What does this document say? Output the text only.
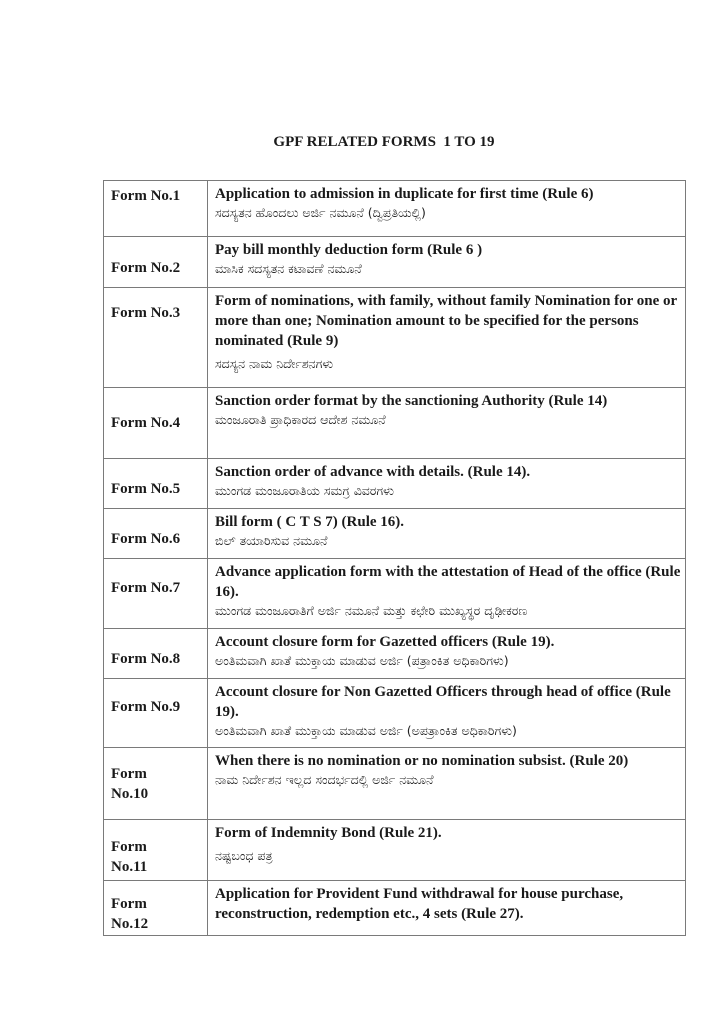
GPF RELATED FORMS  1 TO 19
Form No.1	Application to admission in duplicate for first time (Rule 6)
ಸದಸ್ಯತನ ಹೊಂದಲು ಅರ್ಜಿ ನಮೂನೆ (ದ್ವಿಪ್ರತಿಯಲ್ಲಿ)

Form No.2	Pay bill monthly deduction form (Rule 6 )
ಮಾಸಿಕ ಸದಸ್ಯತನ ಕಟಾವಣೆ ನಮೂನೆ

Form No.3	Form of nominations, with family, without family Nomination for one or more than one; Nomination amount to be specified for the persons nominated (Rule 9)
ಸದಸ್ಯನ ನಾಮ ನಿರ್ದೇಶನಗಳು

Form No.4	Sanction order format by the sanctioning Authority (Rule 14)
ಮಂಜೂರಾತಿ ಪ್ರಾಧಿಕಾರದ ಆದೇಶ ನಮೂನೆ

Form No.5	Sanction order of advance with details. (Rule 14).
ಮುಂಗಡ ಮಂಜೂರಾತಿಯ ಸಮಗ್ರ ವಿವರಗಳು

Form No.6	Bill form ( C T S 7) (Rule 16).
ಬಿಲ್ ತಯಾರಿಸುವ ನಮೂನೆ

Form No.7	Advance application form with the attestation of Head of the office (Rule 16).
ಮುಂಗಡ ಮಂಜೂರಾತಿಗೆ ಅರ್ಜಿ ನಮೂನೆ ಮತ್ತು ಕಛೇರಿ ಮುಖ್ಯಸ್ಥರ ದೃಢೀಕರಣ

Form No.8	Account closure form for Gazetted officers (Rule 19).
ಅಂತಿಮವಾಗಿ ಖಾತೆ ಮುಕ್ತಾಯ ಮಾಡುವ ಅರ್ಜಿ (ಪತ್ರಾಂಕಿತ ಅಧಿಕಾರಿಗಳು)

Form No.9	Account closure for Non Gazetted Officers through head of office (Rule 19).
ಅಂತಿಮವಾಗಿ ಖಾತೆ ಮುಕ್ತಾಯ ಮಾಡುವ ಅರ್ಜಿ (ಅಪತ್ರಾಂಕಿತ ಅಧಿಕಾರಿಗಳು)

Form No.10	When there is no nomination or no nomination subsist. (Rule 20)
ನಾಮ ನಿರ್ದೇಶನ ಇಲ್ಲದ ಸಂದರ್ಭದಲ್ಲಿ ಅರ್ಜಿ ನಮೂನೆ

Form No.11	Form of Indemnity Bond (Rule 21).
ನಷ್ಟಬಂಧ ಪತ್ರ

Form No.12	Application for Provident Fund withdrawal for house purchase, reconstruction, redemption etc., 4 sets (Rule 27).
